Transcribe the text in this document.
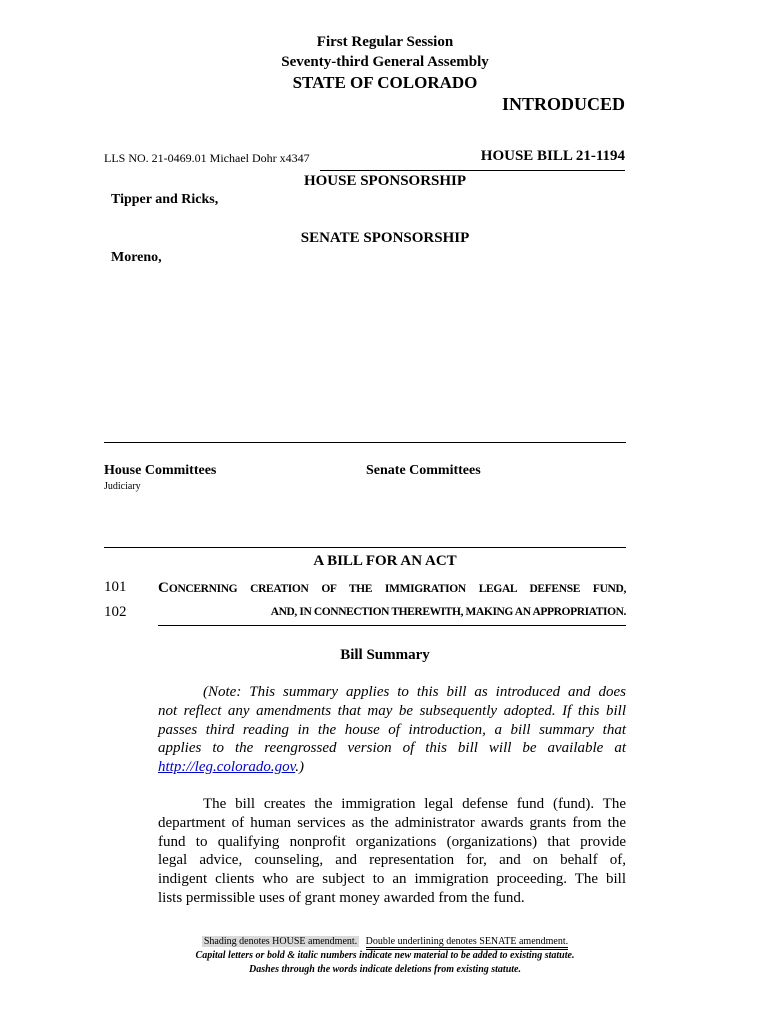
First Regular Session
Seventy-third General Assembly
STATE OF COLORADO
INTRODUCED
LLS NO. 21-0469.01 Michael Dohr x4347	HOUSE BILL 21-1194
HOUSE SPONSORSHIP
Tipper and Ricks,
SENATE SPONSORSHIP
Moreno,
House Committees
Judiciary
Senate Committees
A BILL FOR AN ACT
101 CONCERNING CREATION OF THE IMMIGRATION LEGAL DEFENSE FUND,
102	AND, IN CONNECTION THEREWITH, MAKING AN APPROPRIATION.
Bill Summary
(Note: This summary applies to this bill as introduced and does
not reflect any amendments that may be subsequently adopted. If this bill
passes third reading in the house of introduction, a bill summary that
applies to the reengrossed version of this bill will be available at
http://leg.colorado.gov.)
The bill creates the immigration legal defense fund (fund). The
department of human services as the administrator awards grants from the
fund to qualifying nonprofit organizations (organizations) that provide
legal advice, counseling, and representation for, and on behalf of,
indigent clients who are subject to an immigration proceeding. The bill
lists permissible uses of grant money awarded from the fund.
Shading denotes HOUSE amendment. Double underlining denotes SENATE amendment.
Capital letters or bold & italic numbers indicate new material to be added to existing statute.
Dashes through the words indicate deletions from existing statute.
